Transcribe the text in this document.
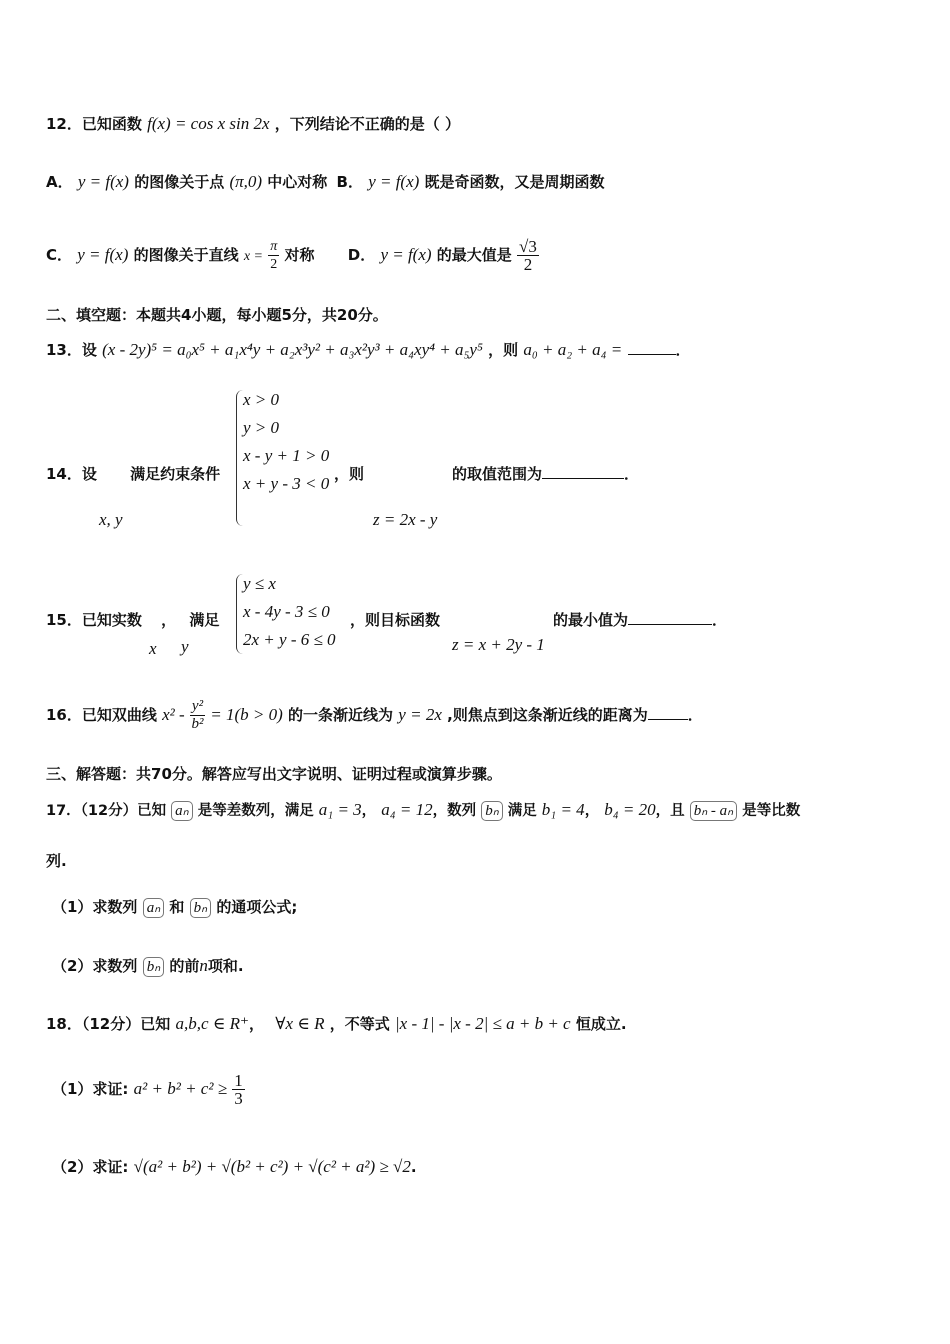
12．已知函数 f(x) = cos x sin 2x ，下列结论不正确的是（ ）
A． y = f(x) 的图像关于点 (π,0) 中心对称 B． y = f(x) 既是奇函数，又是周期函数
C． y = f(x) 的图像关于直线 $x = \frac{\pi}{2}$ 对称 D． y = f(x) 的最大值是 $\frac{√3}{2}$
二、填空题：本题共4小题，每小题5分，共20分。
13．设 (x - 2y)⁵ = a₀x⁵ + a₁x⁴y + a₂x³y² + a₃x²y³ + a₄xy⁴ + a₅y⁵ ，则 a₀ + a₂ + a₄ =	．
14．设 满足约束条件
x, y
x > 0
y > 0
x - y + 1 > 0
x + y - 3 < 0 ，则	的取值范围为	．
z = 2x - y
15．已知实数 ， 满足
x y
y ≤ x
x - 4y - 3 ≤ 0
2x + y - 6 ≤ 0
，则目标函数	的最小值为	．
z = x + 2y - 1
16．已知双曲线 $x^2 - \frac{\text{y²}}{\text{b²}} = 1(b > 0)$ 的一条渐近线为 y = 2x ,则焦点到这条渐近线的距离为	．
三、解答题：共70分。解答应写出文字说明、证明过程或演算步骤。
17．（12分）已知 aₙ 是等差数列，满足 a₁ = 3， a₄ = 12，数列 bₙ 满足 b₁ = 4， b₄ = 20，且 bₙ - aₙ 是等比数
列.
（1）求数列 aₙ 和 bₙ 的通项公式;
（2）求数列 bₙ 的前n项和.
18．（12分）已知 a,b,c ∈ R⁺， ∀x ∈ R ，不等式 |x - 1| - |x - 2| ≤ a + b + c 恒成立.
（1）求证: $a^2 + b^2 + c^2 \ge \frac{1}{3}$
（2）求证: √(a² + b²) + √(b² + c²) + √(c² + a²) ≥ √2.
